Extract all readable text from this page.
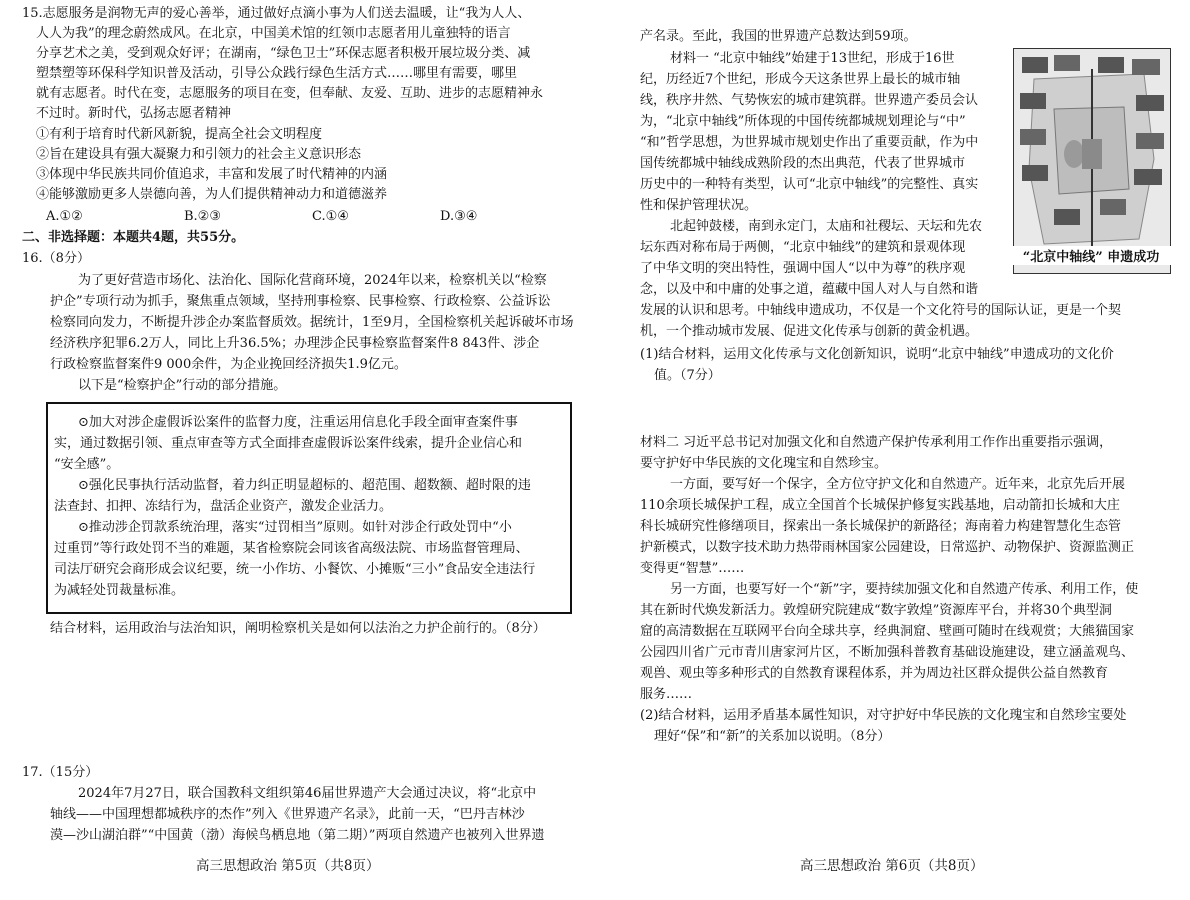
15.志愿服务是润物无声的爱心善举，通过做好点滴小事为人们送去温暖，让“我为人人、
人人为我”的理念蔚然成风。在北京，中国美术馆的红领巾志愿者用儿童独特的语言
分享艺术之美，受到观众好评；在湖南，“绿色卫士”环保志愿者积极开展垃圾分类、减
塑禁塑等环保科学知识普及活动，引导公众践行绿色生活方式……哪里有需要，哪里
就有志愿者。时代在变，志愿服务的项目在变，但奉献、友爱、互助、进步的志愿精神永
不过时。新时代，弘扬志愿者精神
①有利于培育时代新风新貌，提高全社会文明程度
②旨在建设具有强大凝聚力和引领力的社会主义意识形态
③体现中华民族共同价值追求，丰富和发展了时代精神的内涵
④能够激励更多人崇德向善，为人们提供精神动力和道德滋养
A.①②	B.②③	C.①④	D.③④
二、非选择题：本题共4题，共55分。
16.（8分）
为了更好营造市场化、法治化、国际化营商环境，2024年以来，检察机关以“检察
护企”专项行动为抓手，聚焦重点领域，坚持刑事检察、民事检察、行政检察、公益诉讼
检察同向发力，不断提升涉企办案监督质效。据统计，1至9月，全国检察机关起诉破坏市场
经济秩序犯罪6.2万人，同比上升36.5%；办理涉企民事检察监督案件8 843件、涉企
行政检察监督案件9 000余件，为企业挽回经济损失1.9亿元。
以下是“检察护企”行动的部分措施。
⊙加大对涉企虚假诉讼案件的监督力度，注重运用信息化手段全面审查案件事
实，通过数据引领、重点审查等方式全面排查虚假诉讼案件线索，提升企业信心和
“安全感”。
⊙强化民事执行活动监督，着力纠正明显超标的、超范围、超数额、超时限的违
法查封、扣押、冻结行为，盘活企业资产，激发企业活力。
⊙推动涉企罚款系统治理，落实“过罚相当”原则。如针对涉企行政处罚中“小
过重罚”等行政处罚不当的难题，某省检察院会同该省高级法院、市场监督管理局、
司法厅研究会商形成会议纪要，统一小作坊、小餐饮、小摊贩“三小”食品安全违法行
为减轻处罚裁量标准。
结合材料，运用政治与法治知识，阐明检察机关是如何以法治之力护企前行的。（8分）
17.（15分）
2024年7月27日，联合国教科文组织第46届世界遗产大会通过决议，将“北京中
轴线——中国理想都城秩序的杰作”列入《世界遗产名录》，此前一天，“巴丹吉林沙
漠—沙山湖泊群”“中国黄（渤）海候鸟栖息地（第二期）”两项自然遗产也被列入世界遗
高三思想政治 第5页（共8页）
产名录。至此，我国的世界遗产总数达到59项。
材料一 “北京中轴线”始建于13世纪，形成于16世
纪，历经近7个世纪，形成今天这条世界上最长的城市轴
线，秩序井然、气势恢宏的城市建筑群。世界遗产委员会认
为，“北京中轴线”所体现的中国传统都城规划理论与“中”
“和”哲学思想，为世界城市规划史作出了重要贡献，作为中
国传统都城中轴线成熟阶段的杰出典范，代表了世界城市
历史中的一种特有类型，认可“北京中轴线”的完整性、真实
性和保护管理状况。
北起钟鼓楼，南到永定门，太庙和社稷坛、天坛和先农
坛东西对称布局于两侧，“北京中轴线”的建筑和景观体现
了中华文明的突出特性，强调中国人“以中为尊”的秩序观
念，以及中和中庸的处事之道，蕴藏中国人对人与自然和谐
发展的认识和思考。中轴线申遗成功，不仅是一个文化符号的国际认证，更是一个契
机，一个推动城市发展、促进文化传承与创新的黄金机遇。
(1)结合材料，运用文化传承与文化创新知识，说明“北京中轴线”申遗成功的文化价
值。（7分）
材料二 习近平总书记对加强文化和自然遗产保护传承利用工作作出重要指示强调，
要守护好中华民族的文化瑰宝和自然珍宝。
一方面，要写好一个保字，全方位守护文化和自然遗产。近年来，北京先后开展
110余项长城保护工程，成立全国首个长城保护修复实践基地，启动箭扣长城和大庄
科长城研究性修缮项目，探索出一条长城保护的新路径；海南着力构建智慧化生态管
护新模式，以数字技术助力热带雨林国家公园建设，日常巡护、动物保护、资源监测正
变得更“智慧”……
另一方面，也要写好一个“新”字，要持续加强文化和自然遗产传承、利用工作，使
其在新时代焕发新活力。敦煌研究院建成“数字敦煌”资源库平台，并将30个典型洞
窟的高清数据在互联网平台向全球共享，经典洞窟、壁画可随时在线观赏；大熊猫国家
公园四川省广元市青川唐家河片区，不断加强科普教育基础设施建设，建立涵盖观鸟、
观兽、观虫等多种形式的自然教育课程体系，并为周边社区群众提供公益自然教育
服务……
(2)结合材料，运用矛盾基本属性知识，对守护好中华民族的文化瑰宝和自然珍宝要处
理好“保”和“新”的关系加以说明。（8分）
高三思想政治 第6页（共8页）
“北京中轴线” 申遗成功
